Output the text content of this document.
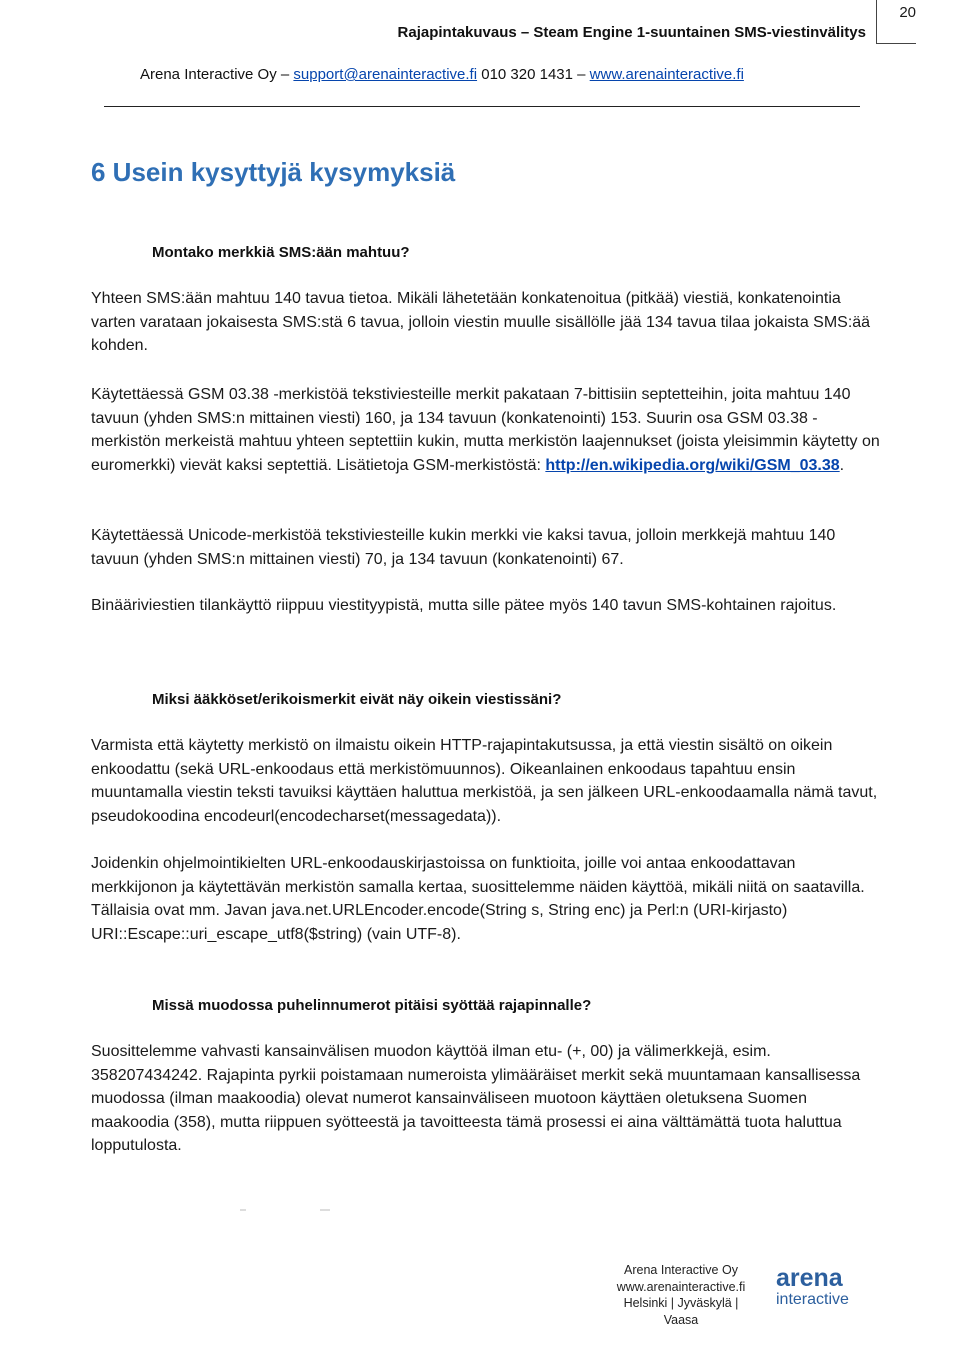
20
Rajapintakuvaus – Steam Engine 1-suuntainen SMS-viestinvälitys
Arena Interactive Oy – support@arenainteractive.fi 010 320 1431 – www.arenainteractive.fi
6 Usein kysyttyjä kysymyksiä

Montako merkkiä SMS:ään mahtuu?

Yhteen SMS:ään mahtuu 140 tavua tietoa. Mikäli lähetetään konkatenoitua (pitkää) viestiä, konkatenointia varten varataan jokaisesta SMS:stä 6 tavua, jolloin viestin muulle sisällölle jää 134 tavua tilaa jokaista SMS:ää kohden.

Käytettäessä GSM 03.38 -merkistöä tekstiviesteille merkit pakataan 7-bittisiin septetteihin, joita mahtuu 140 tavuun (yhden SMS:n mittainen viesti) 160, ja 134 tavuun (konkatenointi) 153. Suurin osa GSM 03.38 -merkistön merkeistä mahtuu yhteen septettiin kukin, mutta merkistön laajennukset (joista yleisimmin käytetty on euromerkki) vievät kaksi septettiä. Lisätietoja GSM-merkistöstä: http://en.wikipedia.org/wiki/GSM_03.38.

Käytettäessä Unicode-merkistöä tekstiviesteille kukin merkki vie kaksi tavua, jolloin merkkejä mahtuu 140 tavuun (yhden SMS:n mittainen viesti) 70, ja 134 tavuun (konkatenointi) 67.

Binääriviestien tilankäyttö riippuu viestityypistä, mutta sille pätee myös 140 tavun SMS-kohtainen rajoitus.

Miksi ääkköset/erikoismerkit eivät näy oikein viestissäni?

Varmista että käytetty merkistö on ilmaistu oikein HTTP-rajapintakutsussa, ja että viestin sisältö on oikein enkoodattu (sekä URL-enkoodaus että merkistömuunnos). Oikeanlainen enkoodaus tapahtuu ensin muuntamalla viestin teksti tavuiksi käyttäen haluttua merkistöä, ja sen jälkeen URL-enkoodaamalla nämä tavut, pseudokoodina encodeurl(encodecharset(messagedata)).

Joidenkin ohjelmointikielten URL-enkoodauskirjastoissa on funktioita, joille voi antaa enkoodattavan merkkijonon ja käytettävän merkistön samalla kertaa, suosittelemme näiden käyttöä, mikäli niitä on saatavilla. Tällaisia ovat mm. Javan java.net.URLEncoder.encode(String s, String enc) ja Perl:n (URI-kirjasto) URI::Escape::uri_escape_utf8($string) (vain UTF-8).

Missä muodossa puhelinnumerot pitäisi syöttää rajapinnalle?

Suosittelemme vahvasti kansainvälisen muodon käyttöä ilman etu- (+, 00) ja välimerkkejä, esim. 358207434242. Rajapinta pyrkii poistamaan numeroista ylimääräiset merkit sekä muuntamaan kansallisessa muodossa (ilman maakoodia) olevat numerot kansainväliseen muotoon käyttäen oletuksena Suomen maakoodia (358), mutta riippuen syötteestä ja tavoitteesta tämä prosessi ei aina välttämättä tuota haluttua lopputulosta.

Arena Interactive Oy
www.arenainteractive.fi
Helsinki | Jyväskylä | Vaasa
arena
interactive
